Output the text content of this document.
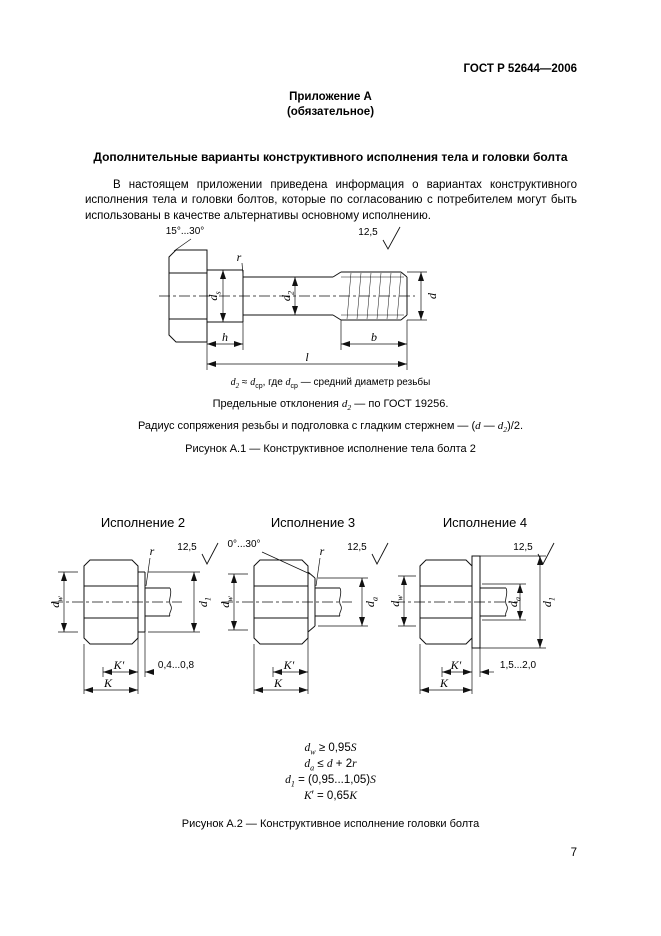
ГОСТ Р 52644—2006
Приложение А
(обязательное)
Дополнительные варианты конструктивного исполнения тела и головки болта

В настоящем приложении приведена информация о вариантах конструктивного исполнения тела и головки болтов, которые по согласованию с потребителем могут быть использованы в качестве альтернативы основному исполнению.

15°...30°	12,5
r
$d_s$
$d_2$	d
h	b
l
$d_2 \approx d_{ср}$, где $d_{ср}$ — средний диаметр резьбы
Предельные отклонения $d_2$ — по ГОСТ 19256.
Радиус сопряжения резьбы и подголовка с гладким стержнем — (d — $d_2)/2$.
Рисунок А.1 — Конструктивное исполнение тела болта 2
Исполнение 2
$d_w$
$d_1$
r 12,5
K′	0,4...0,8
K
Исполнение 3
0°...30°
$d_w$
$d_a$
r 12,5
K′
K
Исполнение 4
$d_w$
$d_a$
$d_1$
12,5
K′	1,5...2,0
K
$d_w \ge 0,95S$
$d_a \le d + 2r$
$d_1 = (0,95...1,05)S$
K′ = 0,65K
Рисунок А.2 — Конструктивное исполнение головки болта
7
